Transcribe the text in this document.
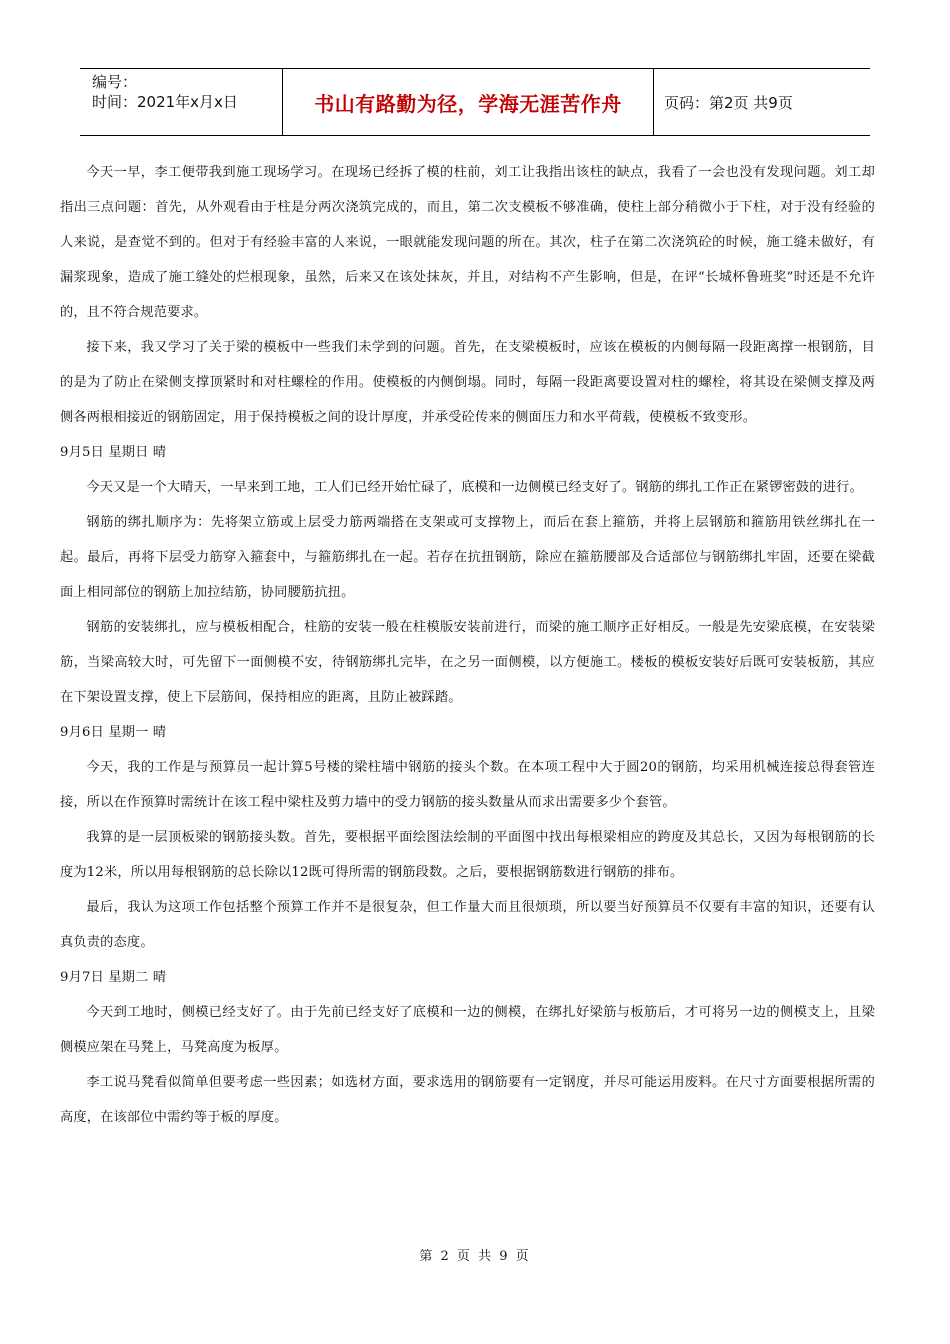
编号：
时间：2021年x月x日	书山有路勤为径，学海无涯苦作舟	页码：第2页 共9页

今天一早，李工便带我到施工现场学习。在现场已经拆了模的柱前，刘工让我指出该柱的缺点，我看了一会也没有发现问题。刘工却指出三点问题：首先，从外观看由于柱是分两次浇筑完成的，而且，第二次支模板不够准确，使柱上部分稍微小于下柱，对于没有经验的人来说，是查觉不到的。但对于有经验丰富的人来说，一眼就能发现问题的所在。其次，柱子在第二次浇筑砼的时候，施工缝未做好，有漏浆现象，造成了施工缝处的烂根现象，虽然，后来又在该处抹灰，并且，对结构不产生影响，但是，在评“长城杯鲁班奖”时还是不允许的，且不符合规范要求。

接下来，我又学习了关于梁的模板中一些我们未学到的问题。首先，在支梁模板时，应该在模板的内侧每隔一段距离撑一根钢筋，目的是为了防止在梁侧支撑顶紧时和对柱螺栓的作用。使模板的内侧倒塌。同时，每隔一段距离要设置对柱的螺栓，将其设在梁侧支撑及两侧各两根相接近的钢筋固定，用于保持模板之间的设计厚度，并承受砼传来的侧面压力和水平荷载，使模板不致变形。

9月5日 星期日 晴

今天又是一个大晴天，一早来到工地，工人们已经开始忙碌了，底模和一边侧模已经支好了。钢筋的绑扎工作正在紧锣密鼓的进行。

钢筋的绑扎顺序为：先将架立筋或上层受力筋两端搭在支架或可支撑物上，而后在套上箍筋，并将上层钢筋和箍筋用铁丝绑扎在一起。最后，再将下层受力筋穿入箍套中，与箍筋绑扎在一起。若存在抗扭钢筋，除应在箍筋腰部及合适部位与钢筋绑扎牢固，还要在梁截面上相同部位的钢筋上加拉结筋，协同腰筋抗扭。

钢筋的安装绑扎，应与模板相配合，柱筋的安装一般在柱模版安装前进行，而梁的施工顺序正好相反。一般是先安梁底模，在安装梁筋，当梁高较大时，可先留下一面侧模不安，待钢筋绑扎完毕，在之另一面侧模，以方便施工。楼板的模板安装好后既可安装板筋，其应在下架设置支撑，使上下层筋间，保持相应的距离，且防止被踩踏。

9月6日 星期一 晴

今天，我的工作是与预算员一起计算5号楼的梁柱墙中钢筋的接头个数。在本项工程中大于圆20的钢筋，均采用机械连接总得套管连接，所以在作预算时需统计在该工程中梁柱及剪力墙中的受力钢筋的接头数量从而求出需要多少个套管。

我算的是一层顶板梁的钢筋接头数。首先，要根据平面绘图法绘制的平面图中找出每根梁相应的跨度及其总长，又因为每根钢筋的长度为12米，所以用每根钢筋的总长除以12既可得所需的钢筋段数。之后，要根据钢筋数进行钢筋的排布。

最后，我认为这项工作包括整个预算工作并不是很复杂，但工作量大而且很烦琐，所以要当好预算员不仅要有丰富的知识，还要有认真负责的态度。

9月7日 星期二 晴

今天到工地时，侧模已经支好了。由于先前已经支好了底模和一边的侧模，在绑扎好梁筋与板筋后，才可将另一边的侧模支上，且梁侧模应架在马凳上，马凳高度为板厚。

李工说马凳看似简单但要考虑一些因素；如选材方面，要求选用的钢筋要有一定钢度，并尽可能运用废料。在尺寸方面要根据所需的高度，在该部位中需约等于板的厚度。

第 2 页 共 9 页
